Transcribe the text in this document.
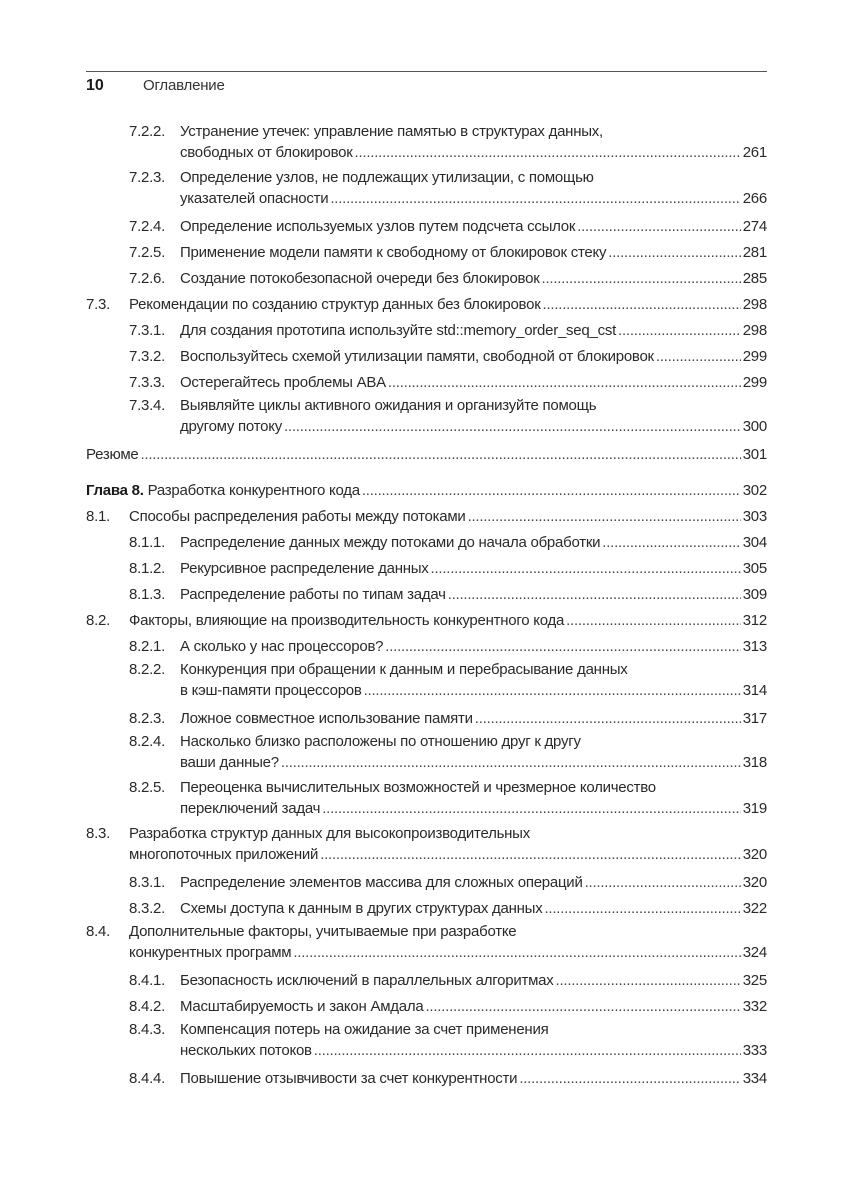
10	Оглавление
7.2.2. Устранение утечек: управление памятью в структурах данных,
свободных от блокировок . . .	261
7.2.3. Определение узлов, не подлежащих утилизации, с помощью
указателей опасности . . .	266
7.2.4. Определение используемых узлов путем подсчета ссылок . . .	274
7.2.5. Применение модели памяти к свободному от блокировок стеку . . .	281
7.2.6. Создание потокобезопасной очереди без блокировок . . .	285
7.3. Рекомендации по созданию структур данных без блокировок . . .	298
7.3.1. Для создания прототипа используйте std::memory_order_seq_cst . . .	298
7.3.2. Воспользуйтесь схемой утилизации памяти, свободной от блокировок . . .	299
7.3.3. Остерегайтесь проблемы ABA . . .	299
7.3.4. Выявляйте циклы активного ожидания и организуйте помощь
другому потоку . . .	300
Резюме . . .	301
Глава 8.
Разработка конкурентного кода . . .	302
8.1. Способы распределения работы между потоками . . .	303
8.1.1. Распределение данных между потоками до начала обработки . . .	304
8.1.2. Рекурсивное распределение данных . . .	305
8.1.3. Распределение работы по типам задач . . .	309
8.2. Факторы, влияющие на производительность конкурентного кода . . .	312
8.2.1. А сколько у нас процессоров? . . .	313
8.2.2. Конкуренция при обращении к данным и перебрасывание данных
в кэш-памяти процессоров . . .	314
8.2.3. Ложное совместное использование памяти . . .	317
8.2.4. Насколько близко расположены по отношению друг к другу
ваши данные? . . .	318
8.2.5. Переоценка вычислительных возможностей и чрезмерное количество
переключений задач . . .	319
8.3. Разработка структур данных для высокопроизводительных
многопоточных приложений . . .	320
8.3.1. Распределение элементов массива для сложных операций . . .	320
8.3.2. Схемы доступа к данным в других структурах данных . . .	322
8.4. Дополнительные факторы, учитываемые при разработке
конкурентных программ . . .	324
8.4.1. Безопасность исключений в параллельных алгоритмах . . .	325
8.4.2. Масштабируемость и закон Амдала . . .	332
8.4.3. Компенсация потерь на ожидание за счет применения
нескольких потоков . . .	333
8.4.4. Повышение отзывчивости за счет конкурентности . . .	334
